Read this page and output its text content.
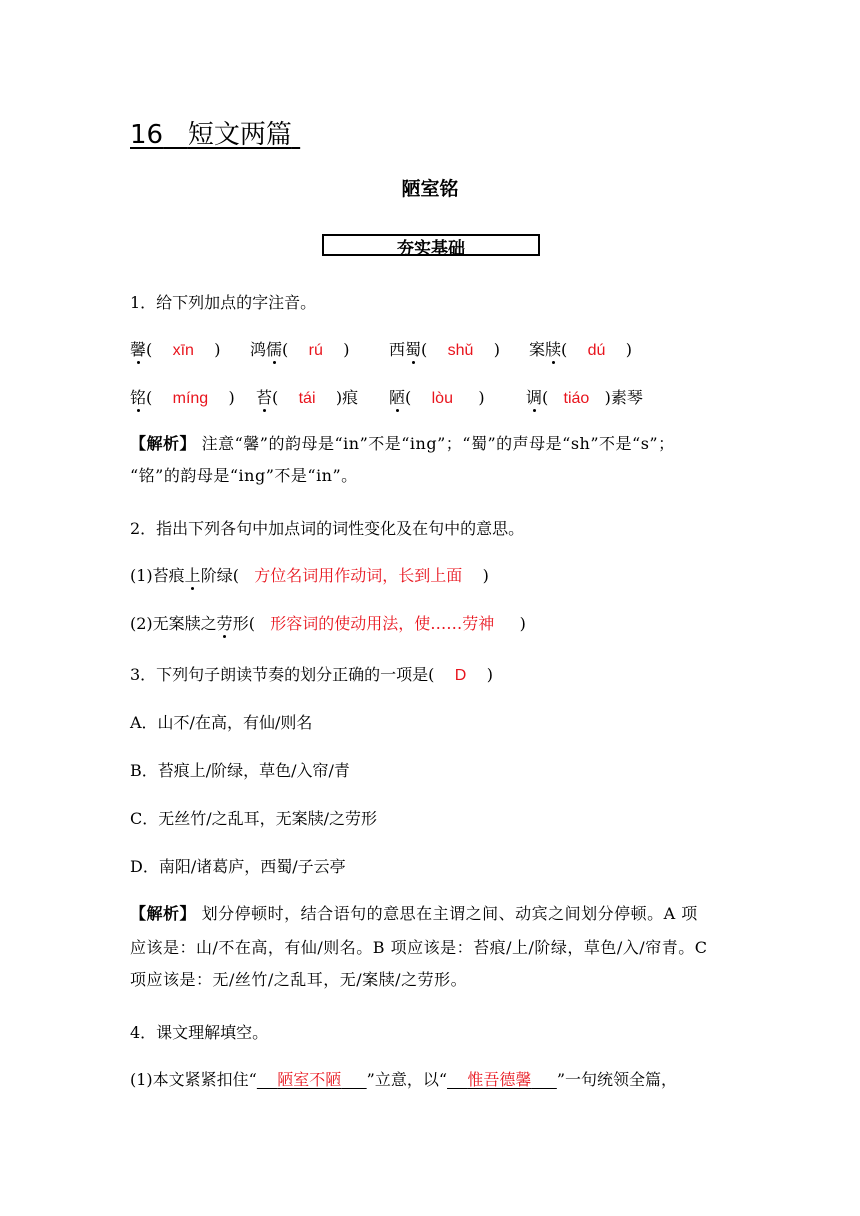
16 短文两篇
陋室铭
夯实基础
1．给下列加点的字注音。
馨(    xīn    ) 鸿儒(    rú    ) 西蜀(    shǔ    ) 案牍(    dú    )
铭(    míng    ) 苔(    tái    )痕 陋(    lòu     )	调(   tiáo   )素琴
【解析】 注意“馨”的韵母是“in”不是“ing”；“蜀”的声母是“sh”不是“s”；
“铭”的韵母是“ing”不是“in”。
2．指出下列各句中加点词的词性变化及在句中的意思。
(1)苔痕上阶绿( 方位名词用作动词，长到上面 )
(2)无案牍之劳形( 形容词的使动用法，使……劳神 )
3．下列句子朗读节奏的划分正确的一项是( D )
A．山不/在高，有仙/则名
B．苔痕上/阶绿，草色/入帘/青
C．无丝竹/之乱耳，无案牍/之劳形
D．南阳/诸葛庐，西蜀/子云亭
【解析】 划分停顿时，结合语句的意思在主谓之间、动宾之间划分停顿。A 项
应该是：山/不在高，有仙/则名。B 项应该是：苔痕/上/阶绿，草色/入/帘青。C
项应该是：无/丝竹/之乱耳，无/案牍/之劳形。
4．课文理解填空。
(1)本文紧紧扣住“ 陋室不陋 ”立意，以“ 惟吾德馨 ”一句统领全篇，
